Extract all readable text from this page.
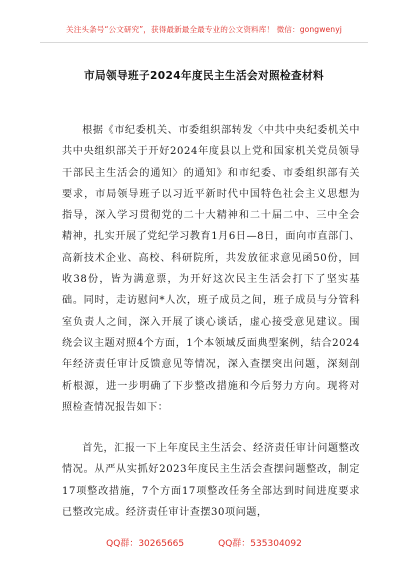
关注头条号“公文研究”，获得最新最全最专业的公文资料库！ 微信：gongwenyj
市局领导班子2024年度民主生活会对照检查材料

根据《市纪委机关、市委组织部转发〈中共中央纪委机关中共中央组织部关于开好2024年度县以上党和国家机关党员领导干部民主生活会的通知〉的通知》和市纪委、市委组织部有关要求，市局领导班子以习近平新时代中国特色社会主义思想为指导，深入学习贯彻党的二十大精神和二十届二中、三中全会精神，扎实开展了党纪学习教育1月6日—8日，面向市直部门、高新技术企业、高校、科研院所，共发放征求意见函50份，回收38份，皆为满意票，为开好这次民主生活会打下了坚实基础。同时，走访慰问*人次，班子成员之间，班子成员与分管科室负责人之间，深入开展了谈心谈话，虚心接受意见建议。围绕会议主题对照4个方面，1个本领域反面典型案例，结合2024年经济责任审计反馈意见等情况，深入查摆突出问题，深刻剖析根源，进一步明确了下步整改措施和今后努力方向。现将对照检查情况报告如下：

首先，汇报一下上年度民主生活会、经济责任审计问题整改情况。从严从实抓好2023年度民主生活会查摆问题整改，制定17项整改措施，7个方面17项整改任务全部达到时间进度要求已整改完成。经济责任审计查摆30项问题，

QQ群：30265665	QQ群：535304092
